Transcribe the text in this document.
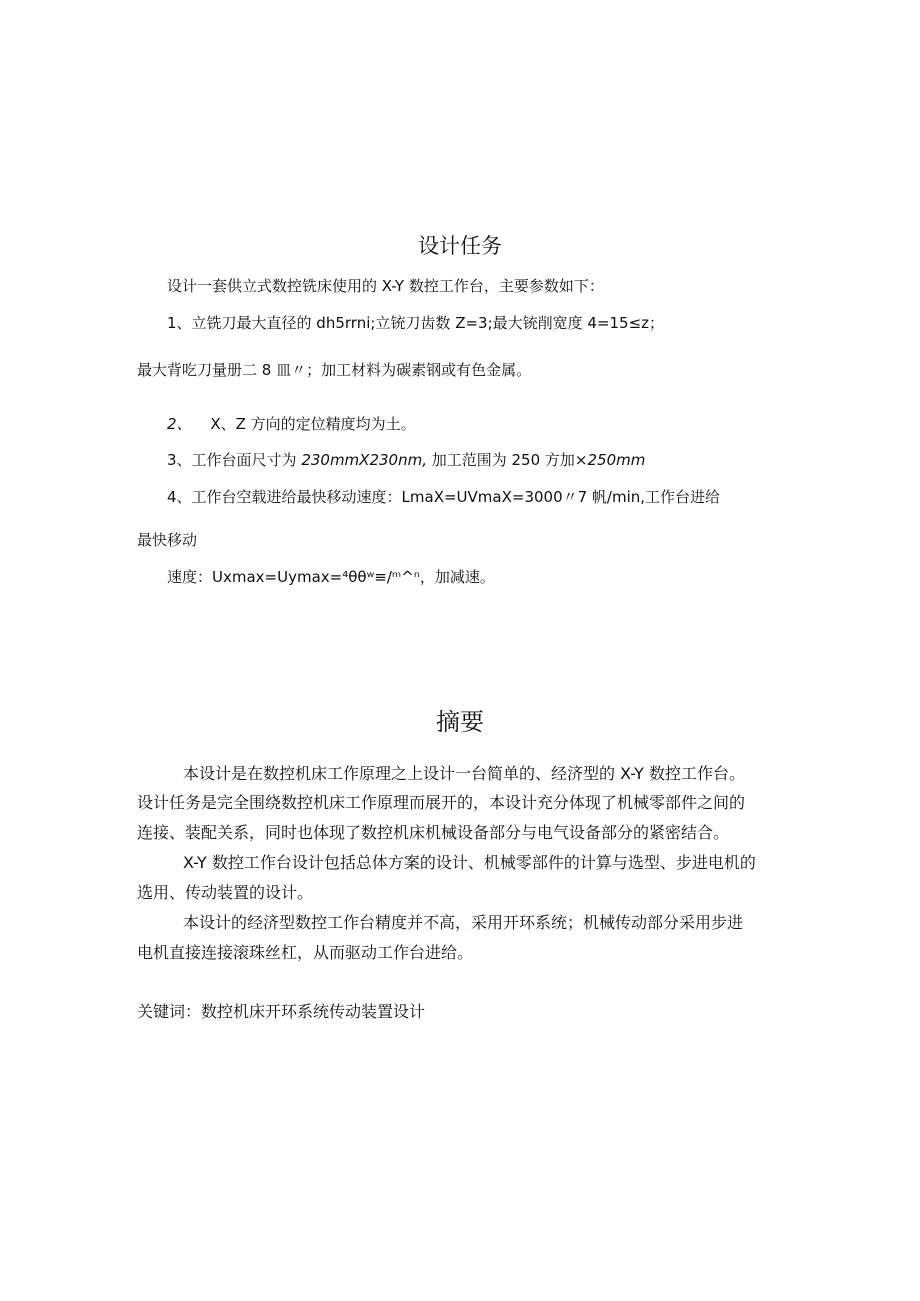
设计任务
设计一套供立式数控铣床使用的 X-Y 数控工作台，主要参数如下：
1、立铣刀最大直径的 dh5rrni;立铳刀齿数 Z=3;最大铳削宽度 4=15≤z；
最大背吃刀量册二 8 皿〃；加工材料为碳素钢或有色金属。
2、 X、Z 方向的定位精度均为土。
3、工作台面尺寸为 230mmX230nm, 加工范围为 250 方加×250mm
4、工作台空载进给最快移动速度：LmaX=UVmaX=3000〃7 帆/min,工作台进给
最快移动
速度：Uxmax=Uymax=⁴θθʷ≡/ᵐ^ⁿ，加减速。
摘要
本设计是在数控机床工作原理之上设计一台简单的、经济型的 X-Y 数控工作台。
设计任务是完全围绕数控机床工作原理而展开的，本设计充分体现了机械零部件之间的
连接、装配关系，同时也体现了数控机床机械设备部分与电气设备部分的紧密结合。
X-Y 数控工作台设计包括总体方案的设计、机械零部件的计算与选型、步进电机的
选用、传动装置的设计。
本设计的经济型数控工作台精度并不高，采用开环系统；机械传动部分采用步进
电机直接连接滚珠丝杠，从而驱动工作台进给。
关键词：数控机床开环系统传动装置设计
